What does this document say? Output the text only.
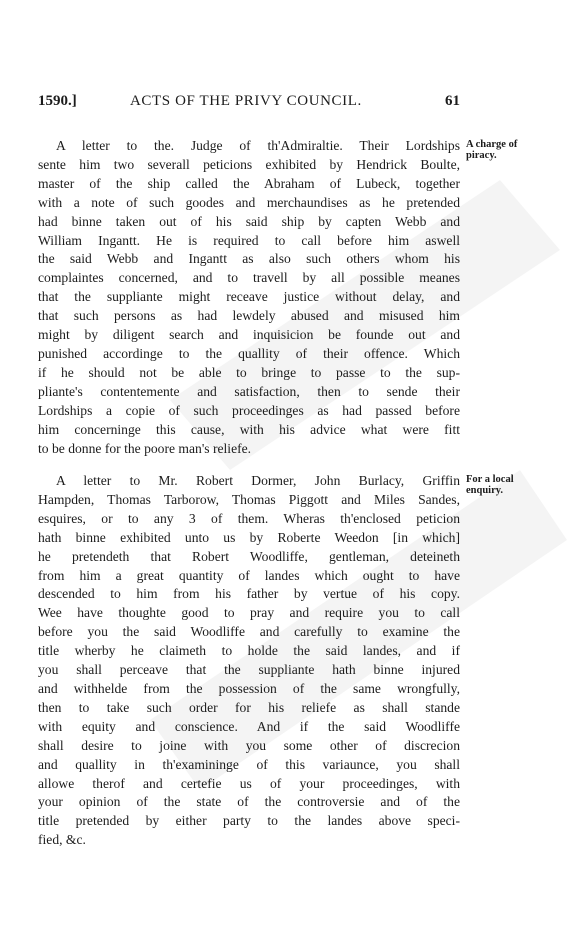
1590.]	ACTS OF THE PRIVY COUNCIL.	61
A charge of
piracy.

A letter to the. Judge of th'Admiraltie. Their Lordships
sente him two severall peticions exhibited by Hendrick Boulte,
master of the ship called the Abraham of Lubeck, together
with a note of such goodes and merchaundises as he pretended
had binne taken out of his said ship by capten Webb and
William Ingantt. He is required to call before him aswell
the said Webb and Ingantt as also such others whom his
complaintes concerned, and to travell by all possible meanes
that the suppliante might receave justice without delay, and
that such persons as had lewdely abused and misused him
might by diligent search and inquisicion be founde out and
punished accordinge to the quallity of their offence. Which
if he should not be able to bringe to passe to the sup-
pliante's contentemente and satisfaction, then to sende their
Lordships a copie of such proceedinges as had passed before
him concerninge this cause, with his advice what were fitt
to be donne for the poore man's reliefe.

For a local
enquiry.

A letter to Mr. Robert Dormer, John Burlacy, Griffin
Hampden, Thomas Tarborow, Thomas Piggott and Miles Sandes,
esquires, or to any 3 of them. Wheras th'enclosed peticion
hath binne exhibited unto us by Roberte Weedon [in which]
he pretendeth that Robert Woodliffe, gentleman, deteineth
from him a great quantity of landes which ought to have
descended to him from his father by vertue of his copy.
Wee have thoughte good to pray and require you to call
before you the said Woodliffe and carefully to examine the
title wherby he claimeth to holde the said landes, and if
you shall perceave that the suppliante hath binne injured
and withhelde from the possession of the same wrongfully,
then to take such order for his reliefe as shall stande
with equity and conscience. And if the said Woodliffe
shall desire to joine with you some other of discrecion
and quallity in th'examininge of this variaunce, you shall
allowe therof and certefie us of your proceedinges, with
your opinion of the state of the controversie and of the
title pretended by either party to the landes above speci-
fied, &c.
